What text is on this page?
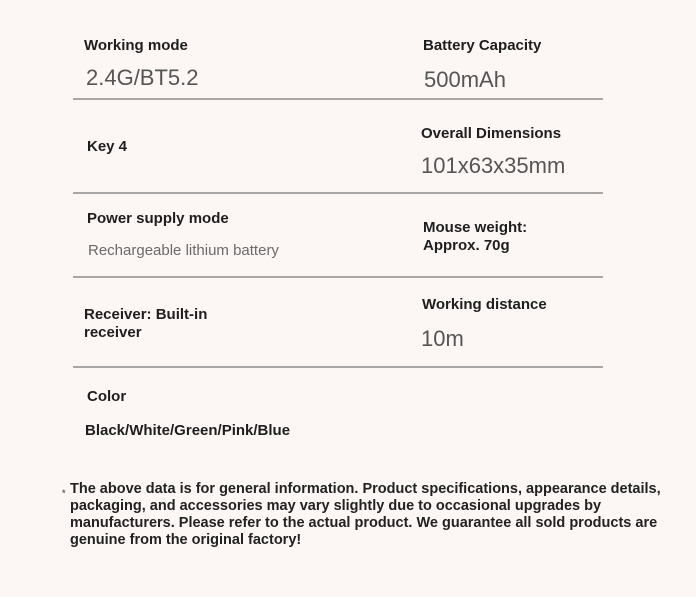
Working mode
2.4G/BT5.2
Battery Capacity
500mAh
Key 4
Overall Dimensions
101x63x35mm
Power supply mode
Rechargeable lithium battery
Mouse weight:
Approx. 70g
Receiver: Built-in
receiver
Working distance
10m
Color
Black/White/Green/Pink/Blue
* The above data is for general information. Product specifications, appearance details, packaging, and accessories may vary slightly due to occasional upgrades by manufacturers. Please refer to the actual product. We guarantee all sold products are genuine from the original factory!
